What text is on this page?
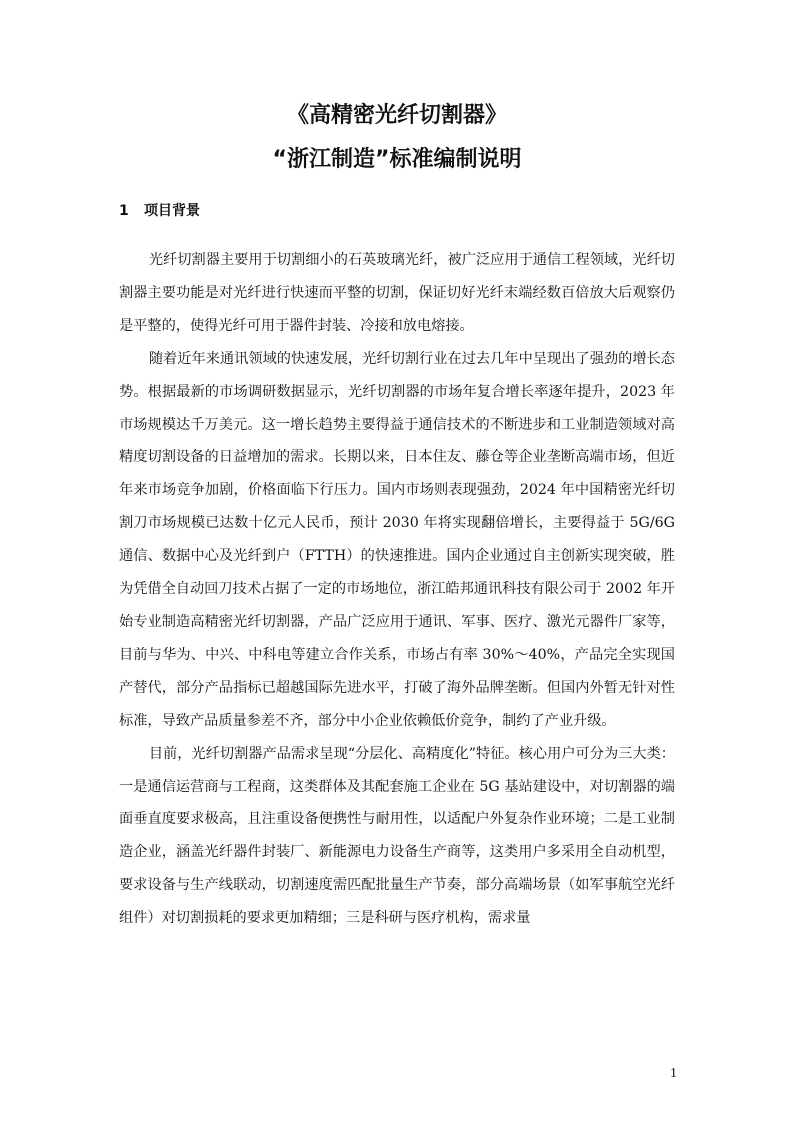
《高精密光纤切割器》
“浙江制造”标准编制说明
1 项目背景

光纤切割器主要用于切割细小的石英玻璃光纤，被广泛应用于通信工程领域，光纤切割器主要功能是对光纤进行快速而平整的切割，保证切好光纤末端经数百倍放大后观察仍是平整的，使得光纤可用于器件封装、冷接和放电熔接。

随着近年来通讯领域的快速发展，光纤切割行业在过去几年中呈现出了强劲的增长态势。根据最新的市场调研数据显示，光纤切割器的市场年复合增长率逐年提升，2023 年市场规模达千万美元。这一增长趋势主要得益于通信技术的不断进步和工业制造领域对高精度切割设备的日益增加的需求。长期以来，日本住友、藤仓等企业垄断高端市场，但近年来市场竞争加剧，价格面临下行压力。国内市场则表现强劲，2024 年中国精密光纤切割刀市场规模已达数十亿元人民币，预计 2030 年将实现翻倍增长，主要得益于 5G/6G 通信、数据中心及光纤到户（FTTH）的快速推进。国内企业通过自主创新实现突破，胜为凭借全自动回刀技术占据了一定的市场地位，浙江皓邦通讯科技有限公司于 2002 年开始专业制造高精密光纤切割器，产品广泛应用于通讯、军事、医疗、激光元器件厂家等，目前与华为、中兴、中科电等建立合作关系，市场占有率 30%～40%，产品完全实现国产替代，部分产品指标已超越国际先进水平，打破了海外品牌垄断。但国内外暂无针对性标准，导致产品质量参差不齐，部分中小企业依赖低价竞争，制约了产业升级。

目前，光纤切割器产品需求呈现“分层化、高精度化”特征。核心用户可分为三大类：一是通信运营商与工程商，这类群体及其配套施工企业在 5G 基站建设中，对切割器的端面垂直度要求极高，且注重设备便携性与耐用性，以适配户外复杂作业环境；二是工业制造企业，涵盖光纤器件封装厂、新能源电力设备生产商等，这类用户多采用全自动机型，要求设备与生产线联动，切割速度需匹配批量生产节奏，部分高端场景（如军事航空光纤组件）对切割损耗的要求更加精细；三是科研与医疗机构，需求量

1
